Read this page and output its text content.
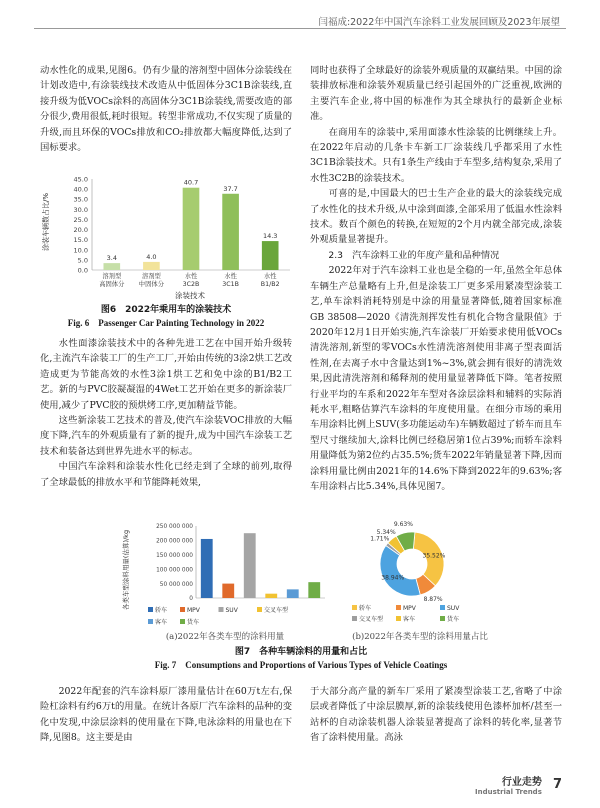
闫福成:2022年中国汽车涂料工业发展回顾及2023年展望

动水性化的成果,见图6。仍有少量的溶剂型中固体分涂装线在计划改造中,有涂装线技术改造从中低固体分3C1B涂装线,直接升级为低VOCs涂料的高固体分3C1B涂装线,需要改造的部分很少,费用很低,耗时很短。转型非常成功,不仅实现了质量的升级,而且环保的VOCs排放和CO₂排放都大幅度降低,达到了国标要求。

涂装车辆数占比/%
0.0
5.0
10.0
15.0
20.0
25.0
30.0
35.0
40.0
45.0
3.4	4.0
40.7
37.7
14.3
溶剂型
高固体分
溶剂型
中固体分
水性
3C2B
水性
3C1B
水性
B1/B2
涂装技术
图6　2022年乘用车的涂装技术
Fig. 6　Passenger Car Painting Technology in 2022

水性面漆涂装技术中的各种先进工艺在中国开始升级转化,主流汽车涂装工厂的生产工厂,开始由传统的3涂2烘工艺改造成更为节能高效的水性3涂1烘工艺和免中涂的B1/B2工艺。新的与PVC胶凝凝湿的4Wet工艺开始在更多的新涂装厂使用,减少了PVC胶的预烘烤工序,更加精益节能。

这些新涂装工艺技术的普及,使汽车涂装VOC排放的大幅度下降,汽车的外观质量有了新的提升,成为中国汽车涂装工艺技术和装备达到世界先进水平的标志。

中国汽车涂料和涂装水性化已经走到了全球的前列,取得了全球最低的排放水平和节能降耗效果,

同时也获得了全球最好的涂装外观质量的双赢结果。中国的涂装排放标准和涂装外观质量已经引起国外的广泛重视,欧洲的主要汽车企业,将中国的标准作为其全球执行的最新企业标准。

在商用车的涂装中,采用面漆水性涂装的比例继续上升。在2022年启动的几条卡车新工厂涂装线几乎都采用了水性3C1B涂装技术。只有1条生产线由于车型多,结构复杂,采用了水性3C2B的涂装技术。

可喜的是,中国最大的巴士生产企业的最大的涂装线完成了水性化的技术升级,从中涂到面漆,全部采用了低温水性涂料技术。数百个颜色的转换,在短短的2个月内就全部完成,涂装外观质量显著提升。

2.3　汽车涂料工业的年度产量和品种情况

2022年对于汽车涂料工业也是全稳的一年,虽然全年总体车辆生产总量略有上升,但是涂装工厂更多采用紧凑型涂装工艺,单车涂料消耗特别是中涂的用量显著降低,随着国家标准GB 38508—2020《清洗剂挥发性有机化合物含量限值》于2020年12月1日开始实施,汽车涂装厂开始要求使用低VOCs清洗溶剂,新型的零VOCs水性清洗溶剂使用非离子型表面活性剂,在去离子水中含量达到1%~3%,就会拥有很好的清洗效果,因此清洗溶剂和稀释剂的使用量显著降低下降。笔者按照行业平均的车系和2022年车型对各涂层涂料和辅料的实际消耗水平,粗略估算汽车涂料的年度使用量。在细分市场的乘用车用涂料比例上SUV(多功能运动车)车辆数超过了轿车而且车型尺寸继续加大,涂料比例已经稳居第1位占39%;而轿车涂料用量降低为第2位约占35.5%;货车2022年销量显著下降,因而涂料用量比例由2021年的14.6%下降到2022年的9.63%;客车用涂料占比5.34%,具体见图7。

各类车型涂料用量(估算)/kg	0
50 000 000
100 000 000
150 000 000
200 000 000
250 000 000
轿车	MPV	SUV	交叉车型
客车	货车
(a)2022年各类车型的涂料用量
35.52%
8.87%
38.94%
1.71%
5.34%
9.63%
轿车	MPV	SUV
交叉车型	客车	货车
(b)2022年各类车型的涂料用量占比
图7　各种车辆涂料的用量和占比
Fig. 7　Consumptions and Proportions of Various Types of Vehicle Coatings

2022年配套的汽车涂料原厂漆用量估计在60万t左右,保险杠涂料有约6万t的用量。在统计各原厂汽车涂料的品种的变化中发现,中涂层涂料的使用量在下降,电泳涂料的用量也在下降,见图8。这主要是由

于大部分高产量的新车厂采用了紧凑型涂装工艺,省略了中涂层或者降低了中涂层膜厚,新的涂装线使用色漆杯加杯/甚至一站杯的自动涂装机器人涂装显著提高了涂料的转化率,显著节省了涂料使用量。高泳

行业走势
Industrial Trends 7
